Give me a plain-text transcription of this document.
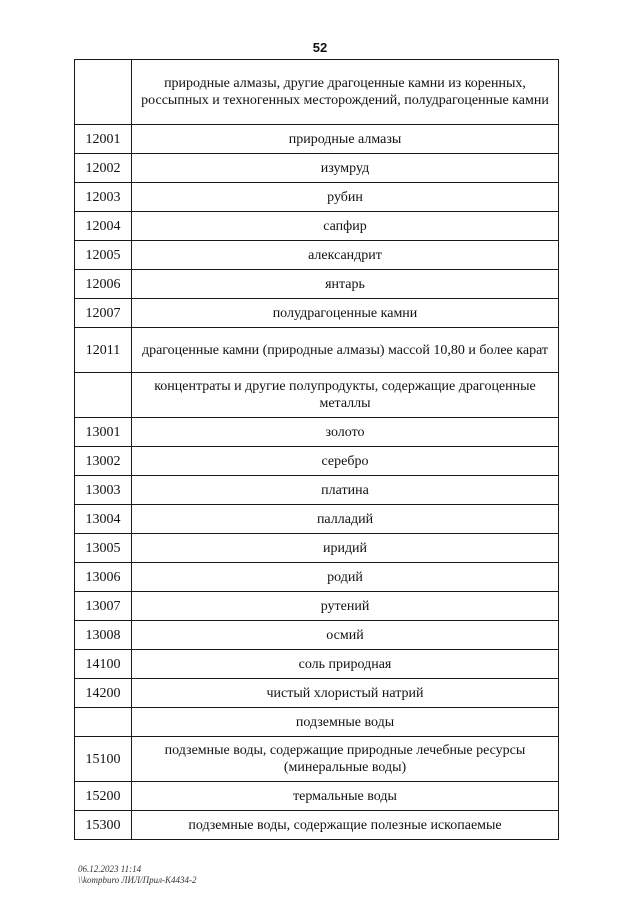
52
	природные алмазы, другие драгоценные камни из коренных, россыпных и техногенных месторождений, полудрагоценные камни
12001	природные алмазы
12002	изумруд
12003	рубин
12004	сапфир
12005	александрит
12006	янтарь
12007	полудрагоценные камни
12011	драгоценные камни (природные алмазы) массой 10,80 и более карат
	концентраты и другие полупродукты, содержащие драгоценные металлы
13001	золото
13002	серебро
13003	платина
13004	палладий
13005	иридий
13006	родий
13007	рутений
13008	осмий
14100	соль природная
14200	чистый хлористый натрий
	подземные воды
15100	подземные воды, содержащие природные лечебные ресурсы (минеральные воды)
15200	термальные воды
15300	подземные воды, содержащие полезные ископаемые
06.12.2023 11:14
\\kompburo ЛИЛ/Прил-К4434-2
